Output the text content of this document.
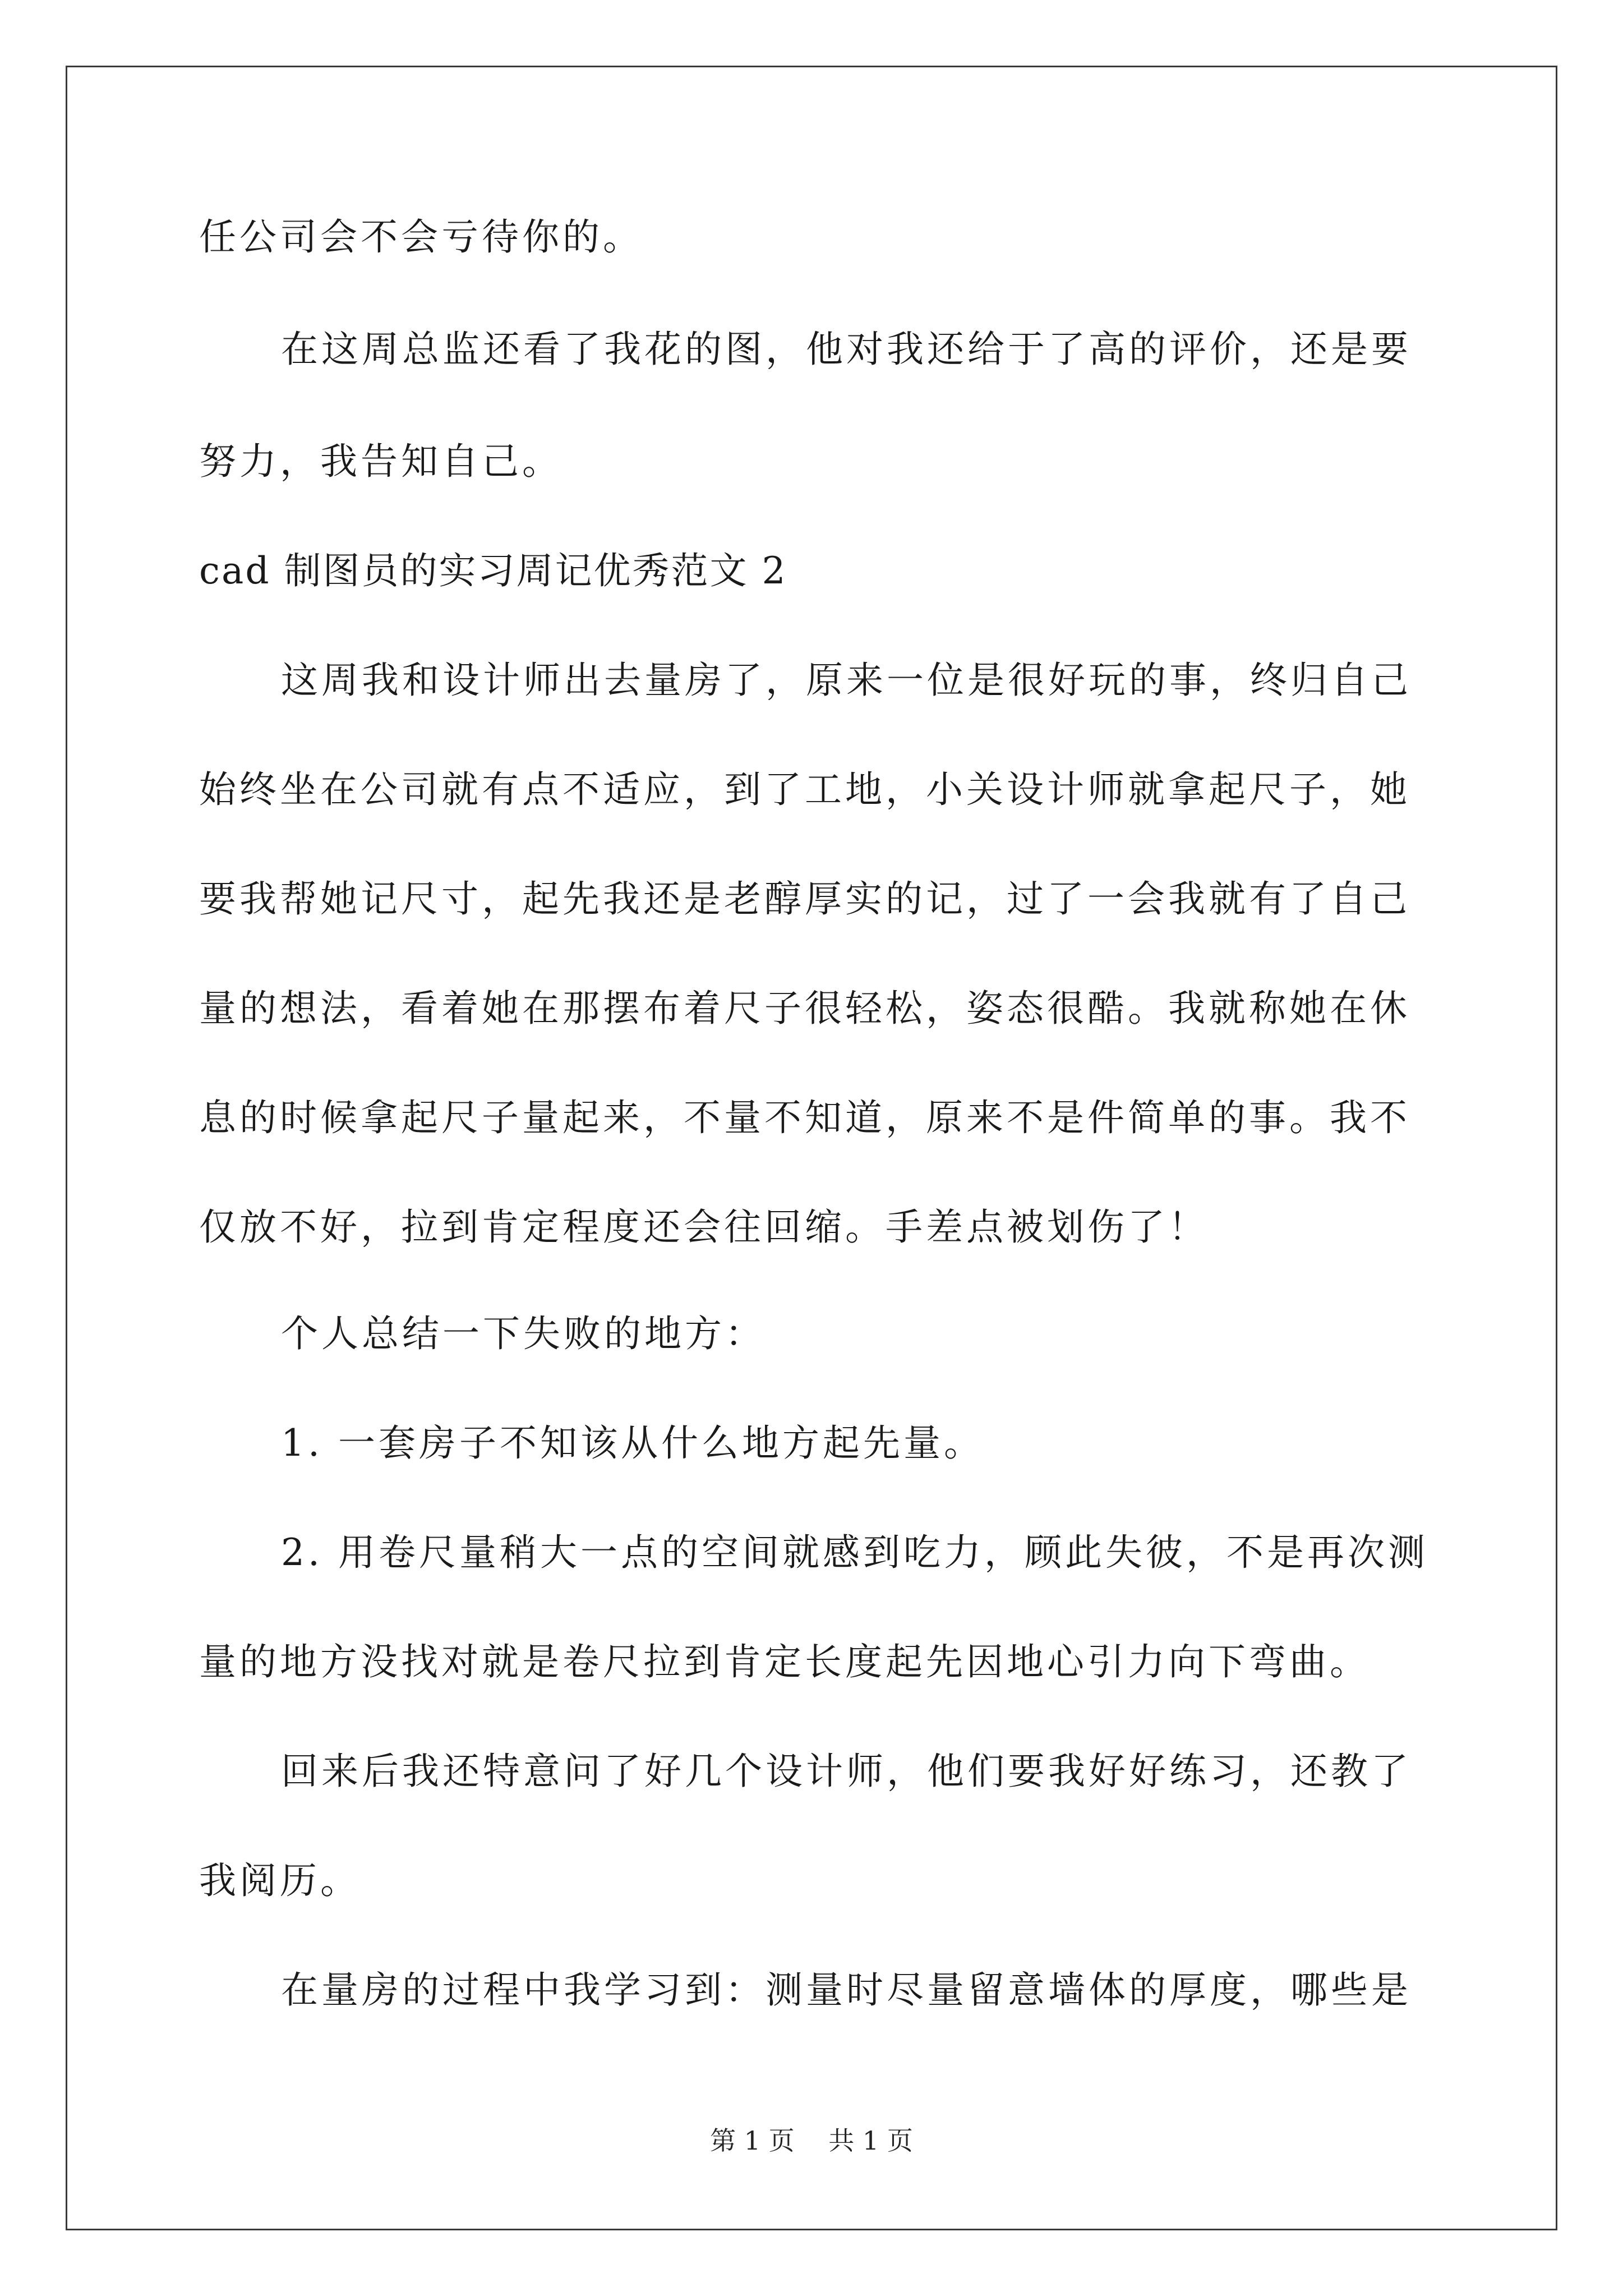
任公司会不会亏待你的。
在这周总监还看了我花的图，他对我还给于了高的评价，还是要
努力，我告知自己。
cad 制图员的实习周记优秀范文 2
这周我和设计师出去量房了，原来一位是很好玩的事，终归自己
始终坐在公司就有点不适应，到了工地，小关设计师就拿起尺子，她
要我帮她记尺寸，起先我还是老醇厚实的记，过了一会我就有了自己
量的想法，看着她在那摆布着尺子很轻松，姿态很酷。我就称她在休
息的时候拿起尺子量起来，不量不知道，原来不是件简单的事。我不
仅放不好，拉到肯定程度还会往回缩。手差点被划伤了！
个人总结一下失败的地方：
1. 一套房子不知该从什么地方起先量。
2. 用卷尺量稍大一点的空间就感到吃力，顾此失彼，不是再次测
量的地方没找对就是卷尺拉到肯定长度起先因地心引力向下弯曲。
回来后我还特意问了好几个设计师，他们要我好好练习，还教了
我阅历。
在量房的过程中我学习到：测量时尽量留意墙体的厚度，哪些是
第 1 页　 共 1 页
